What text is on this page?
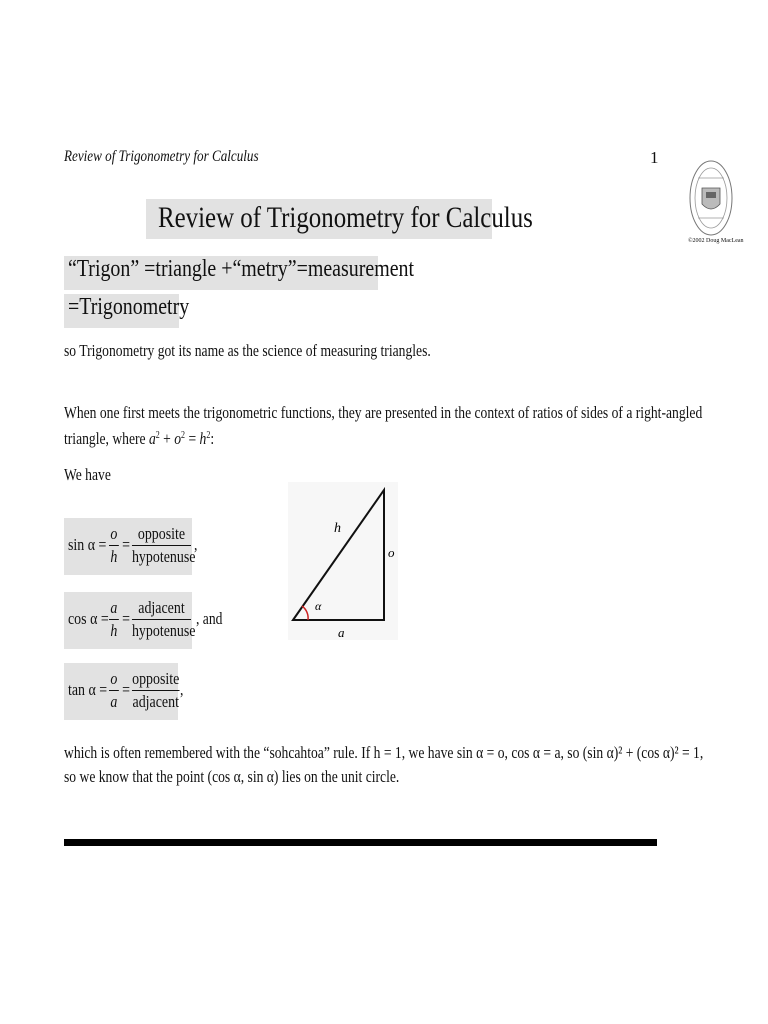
Review of Trigonometry for Calculus	1
©2002 Doug MacLean
Review of Trigonometry for Calculus
“Trigon” =triangle +“metry”=measurement
=Trigonometry
so Trigonometry got its name as the science of measuring triangles.
When one first meets the trigonometric functions, they are presented in the context of ratios of sides of a right-angled
triangle, where $a^2 + o^2 = h^2$:
We have
$\sin \alpha = \frac{o}{h}$ =
opposite
hypotenuse
,
$\cos \alpha = \frac{a}{h}$ =
adjacent
hypotenuse
, and
$\tan \alpha = \frac{o}{a}$ =
opposite
adjacent
,
h
o
a
α
which is often remembered with the “sohcahtoa” rule. If h = 1, we have sin α = o, cos α = a, so (sin α)² + (cos α)² = 1,
so we know that the point (cos α, sin α) lies on the unit circle.
